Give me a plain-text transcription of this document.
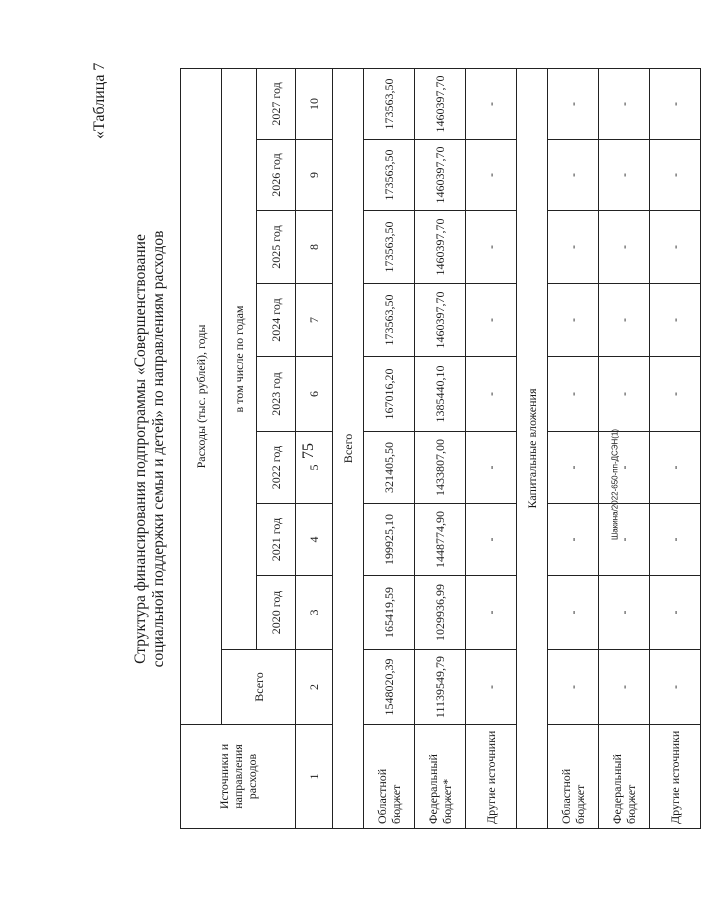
75
«Таблица 7
Шакина/2022-650-пп-ДСЭН(1)
Структура финансирования подпрограммы «Совершенствование социальной поддержки семьи и детей» по направлениям расходов
Источники и направления расходов	Расходы (тыс. рублей), годы								
	Всего	в том числе по годам							
		2020 год	2021 год	2022 год	2023 год	2024 год	2025 год	2026 год	2027 год
1	2	3	4	5	6	7	8	9	10
Всего									
Областной бюджет	1548020,39	165419,59	199925,10	321405,50	167016,20	173563,50	173563,50	173563,50	173563,50
Федеральный бюджет*	11139549,79	1029936,99	1448774,90	1433807,00	1385440,10	1460397,70	1460397,70	1460397,70	1460397,70
Другие источники	-	-	-	-	-	-	-	-	-
Капитальные вложения									
Областной бюджет	-	-	-	-	-	-	-	-	-
Федеральный бюджет	-	-	-	-	-	-	-	-	-
Другие источники	-	-	-	-	-	-	-	-	-
